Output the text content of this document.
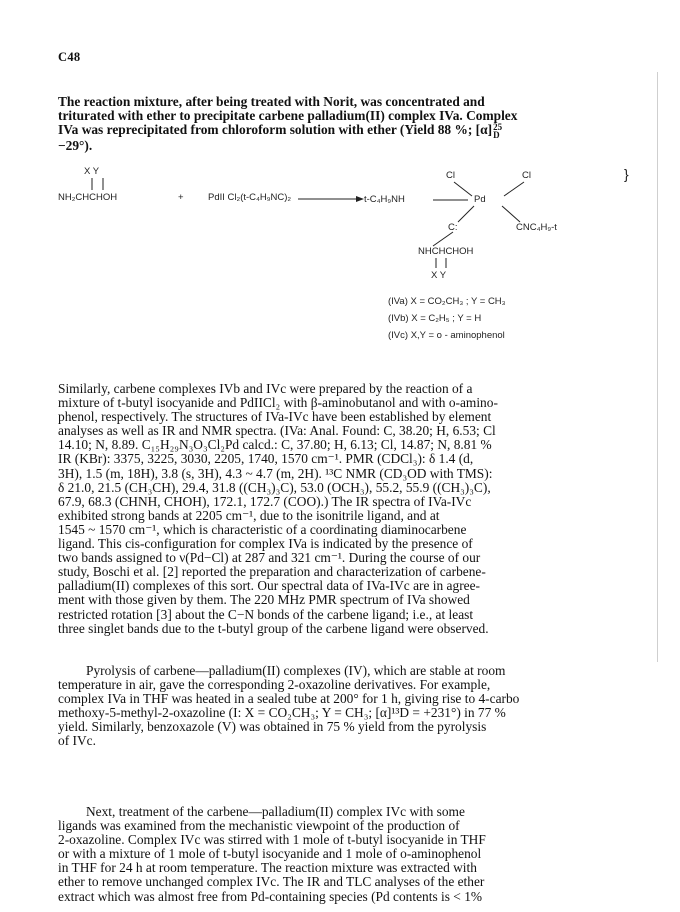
C48
The reaction mixture, after being treated with Norit, was concentrated and
triturated with ether to precipitate carbene palladium(II) complex IVa. Complex
IVa was reprecipitated from chloroform solution with ether (Yield 88 %; [α] 25
D
−29°).
X Y
NH₂CHCHOH	+	PdII Cl₂(t-C₄H₉NC)₂
Cl	Cl
Pd
t-C₄H₉NH
C:	CNC₄H₉-t
NHCHCHOH
X Y
}
(IVa) X = CO₂CH₃ ; Y = CH₃
(IVb) X = C₂H₅ ; Y = H
(IVc) X,Y = o - aminophenol
Similarly, carbene complexes IVb and IVc were prepared by the reaction of a
mixture of t-butyl isocyanide and PdIICl₂ with β-aminobutanol and with o-amino-
phenol, respectively. The structures of IVa-IVc have been established by element
analyses as well as IR and NMR spectra. (IVa: Anal. Found: C, 38.20; H, 6.53; Cl
14.10; N, 8.89. C₁₅H₂₉N₃O₃Cl₂Pd calcd.: C, 37.80; H, 6.13; Cl, 14.87; N, 8.81 %
IR (KBr): 3375, 3225, 3030, 2205, 1740, 1570 cm⁻¹. PMR (CDCl₃): δ 1.4 (d,
3H), 1.5 (m, 18H), 3.8 (s, 3H), 4.3 ~ 4.7 (m, 2H). ¹³C NMR (CD₃OD with TMS):
δ 21.0, 21.5 (CH₃CH), 29.4, 31.8 ((CH₃)₃C), 53.0 (OCH₃), 55.2, 55.9 ((CH₃)₃C),
67.9, 68.3 (CHNH, CHOH), 172.1, 172.7 (COO).) The IR spectra of IVa-IVc
exhibited strong bands at 2205 cm⁻¹, due to the isonitrile ligand, and at
1545 ~ 1570 cm⁻¹, which is characteristic of a coordinating diaminocarbene
ligand. This cis-configuration for complex IVa is indicated by the presence of
two bands assigned to ν(Pd−Cl) at 287 and 321 cm⁻¹. During the course of our
study, Boschi et al. [2] reported the preparation and characterization of carbene-
palladium(II) complexes of this sort. Our spectral data of IVa-IVc are in agree-
ment with those given by them. The 220 MHz PMR spectrum of IVa showed
restricted rotation [3] about the C−N bonds of the carbene ligand; i.e., at least
three singlet bands due to the t-butyl group of the carbene ligand were observed.
Pyrolysis of carbene—palladium(II) complexes (IV), which are stable at room
temperature in air, gave the corresponding 2-oxazoline derivatives. For example,
complex IVa in THF was heated in a sealed tube at 200° for 1 h, giving rise to 4-carbo
methoxy-5-methyl-2-oxazoline (I: X = CO₂CH₃; Y = CH₃; [α]¹³D = +231°) in 77 %
yield. Similarly, benzoxazole (V) was obtained in 75 % yield from the pyrolysis
of IVc.
Next, treatment of the carbene—palladium(II) complex IVc with some
ligands was examined from the mechanistic viewpoint of the production of
2-oxazoline. Complex IVc was stirred with 1 mole of t-butyl isocyanide in THF
or with a mixture of 1 mole of t-butyl isocyanide and 1 mole of o-aminophenol
in THF for 24 h at room temperature. The reaction mixture was extracted with
ether to remove unchanged complex IVc. The IR and TLC analyses of the ether
extract which was almost free from Pd-containing species (Pd contents is < 1%
